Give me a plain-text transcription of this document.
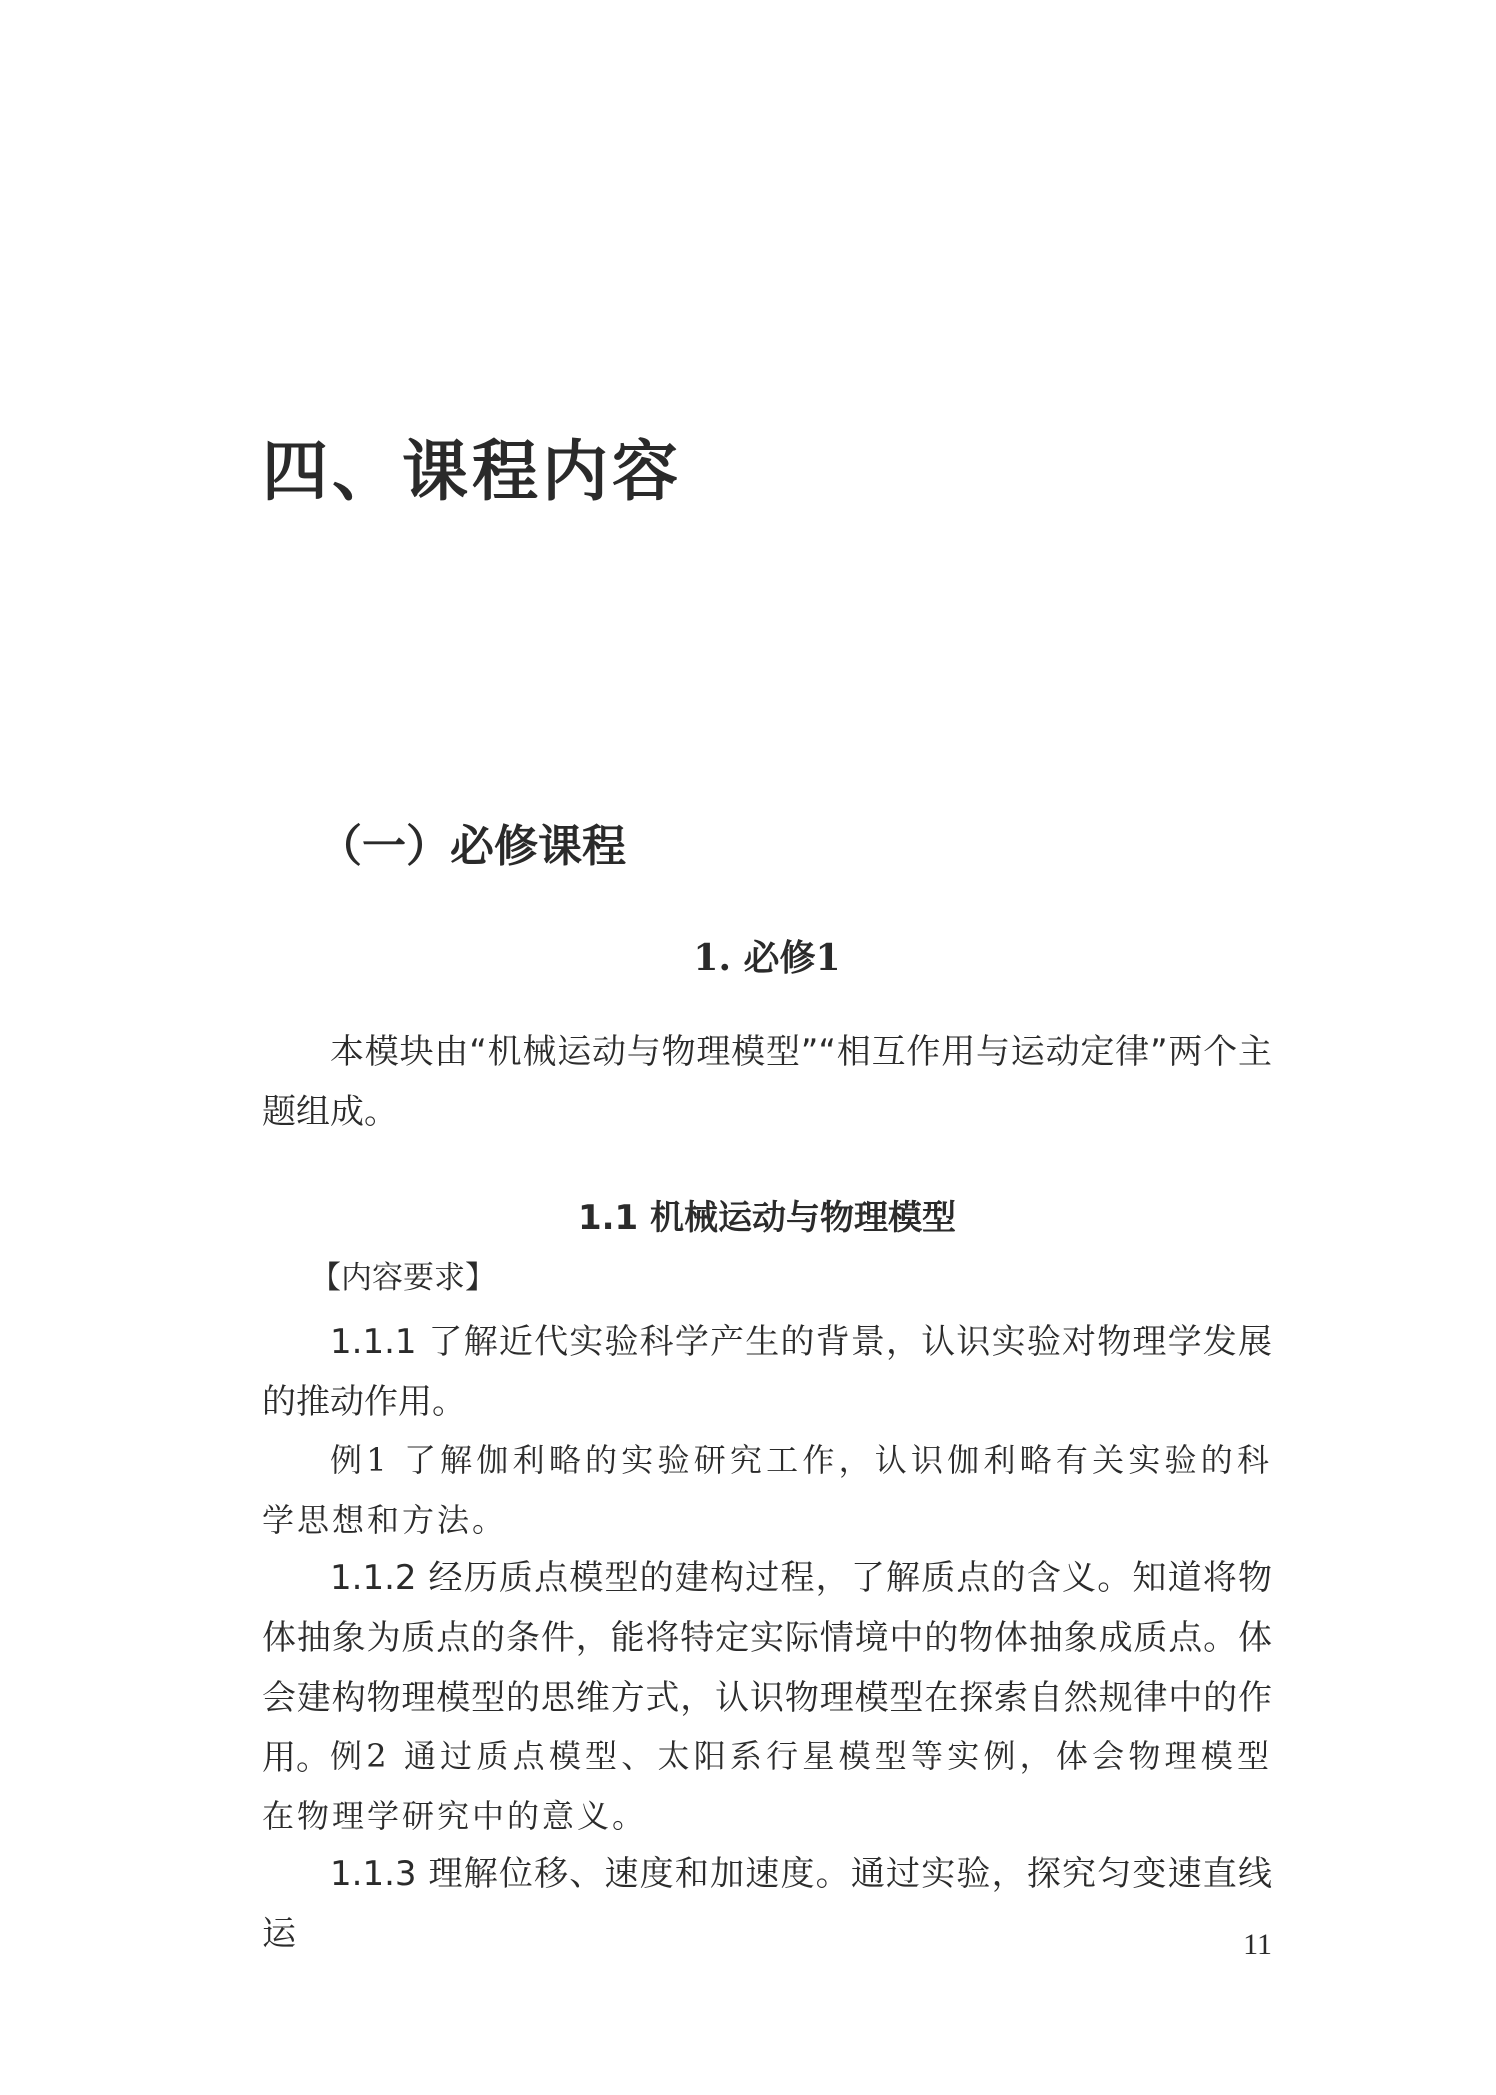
四、课程内容
（一）必修课程
1. 必修1

本模块由“机械运动与物理模型”“相互作用与运动定律”两个主题组成。

1.1 机械运动与物理模型

【内容要求】

1.1.1 了解近代实验科学产生的背景，认识实验对物理学发展的推动作用。

例1 了解伽利略的实验研究工作，认识伽利略有关实验的科学思想和方法。

1.1.2 经历质点模型的建构过程，了解质点的含义。知道将物体抽象为质点的条件，能将特定实际情境中的物体抽象成质点。体会建构物理模型的思维方式，认识物理模型在探索自然规律中的作用。 例2 通过质点模型、太阳系行星模型等实例，体会物理模型在物理学研究中的意义。

1.1.3 理解位移、速度和加速度。通过实验，探究匀变速直线运	11
